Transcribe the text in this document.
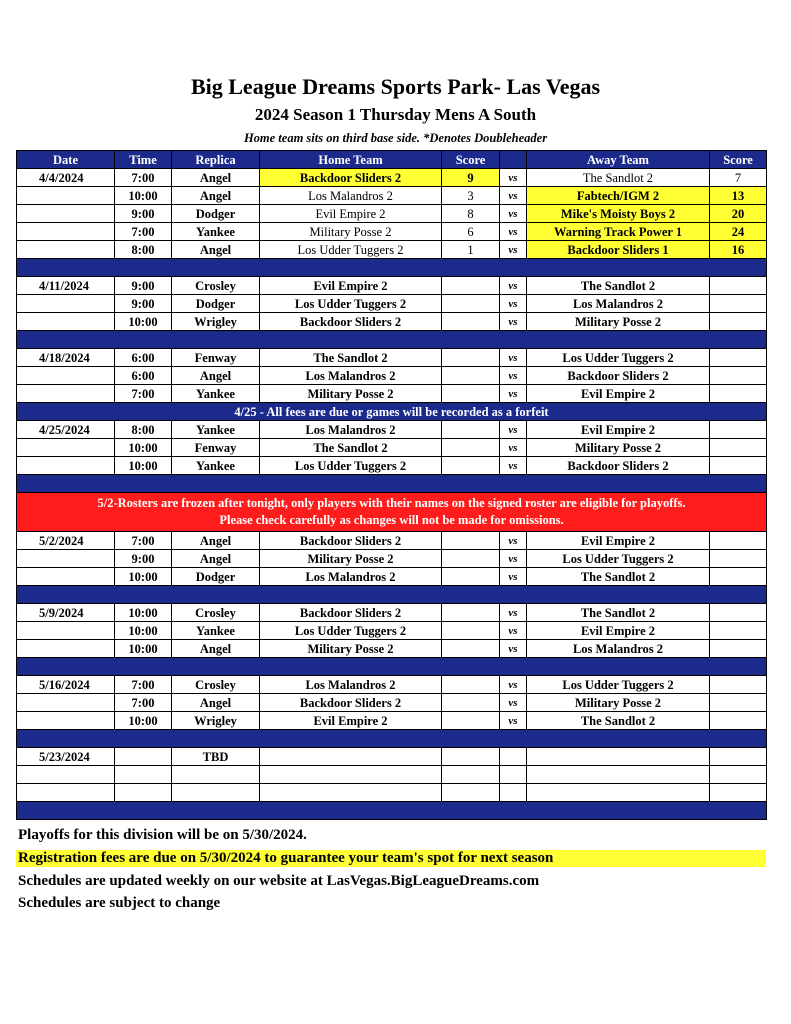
Big League Dreams Sports Park- Las Vegas
2024 Season 1 Thursday Mens A South
Home team sits on third base side. *Denotes Doubleheader
Date	Time	Replica	Home Team	Score		Away Team	Score
4/4/2024	7:00	Angel	Backdoor Sliders 2	9	vs	The Sandlot 2	7
	10:00	Angel	Los Malandros 2	3	vs	Fabtech/IGM 2	13
	9:00	Dodger	Evil Empire 2	8	vs	Mike's Moisty Boys 2	20
	7:00	Yankee	Military Posse 2	6	vs	Warning Track Power 1	24
	8:00	Angel	Los Udder Tuggers 2	1	vs	Backdoor Sliders 1	16

4/11/2024	9:00	Crosley	Evil Empire 2		vs	The Sandlot 2	
	9:00	Dodger	Los Udder Tuggers 2		vs	Los Malandros 2	
	10:00	Wrigley	Backdoor Sliders 2		vs	Military Posse 2	

4/18/2024	6:00	Fenway	The Sandlot 2		vs	Los Udder Tuggers 2	
	6:00	Angel	Los Malandros 2		vs	Backdoor Sliders 2	
	7:00	Yankee	Military Posse 2		vs	Evil Empire 2	
4/25 - All fees are due or games will be recorded as a forfeit							
4/25/2024	8:00	Yankee	Los Malandros 2		vs	Evil Empire 2	
	10:00	Fenway	The Sandlot 2		vs	Military Posse 2	
	10:00	Yankee	Los Udder Tuggers 2		vs	Backdoor Sliders 2	

5/2-Rosters are frozen after tonight, only players with their names on the signed roster are eligible for playoffs.
Please check carefully as changes will not be made for omissions.							

5/2/2024	7:00	Angel	Backdoor Sliders 2		vs	Evil Empire 2	
	9:00	Angel	Military Posse 2		vs	Los Udder Tuggers 2	
	10:00	Dodger	Los Malandros 2		vs	The Sandlot 2	

5/9/2024	10:00	Crosley	Backdoor Sliders 2		vs	The Sandlot 2	
	10:00	Yankee	Los Udder Tuggers 2		vs	Evil Empire 2	
	10:00	Angel	Military Posse 2		vs	Los Malandros 2	

5/16/2024	7:00	Crosley	Los Malandros 2		vs	Los Udder Tuggers 2	
	7:00	Angel	Backdoor Sliders 2		vs	Military Posse 2	
	10:00	Wrigley	Evil Empire 2		vs	The Sandlot 2	

5/23/2024		TBD					

Playoffs for this division will be on 5/30/2024.
Registration fees are due on 5/30/2024 to guarantee your team's spot for next season
Schedules are updated weekly on our website at LasVegas.BigLeagueDreams.com
Schedules are subject to change
